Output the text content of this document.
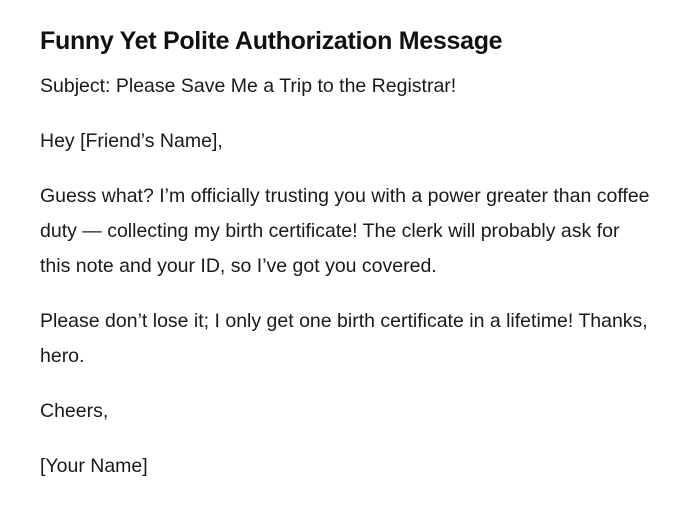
Funny Yet Polite Authorization Message

Subject: Please Save Me a Trip to the Registrar!

Hey [Friend’s Name],

Guess what? I’m officially trusting you with a power greater than coffee duty — collecting my birth certificate! The clerk will probably ask for this note and your ID, so I’ve got you covered.

Please don’t lose it; I only get one birth certificate in a lifetime! Thanks, hero.

Cheers,

[Your Name]
